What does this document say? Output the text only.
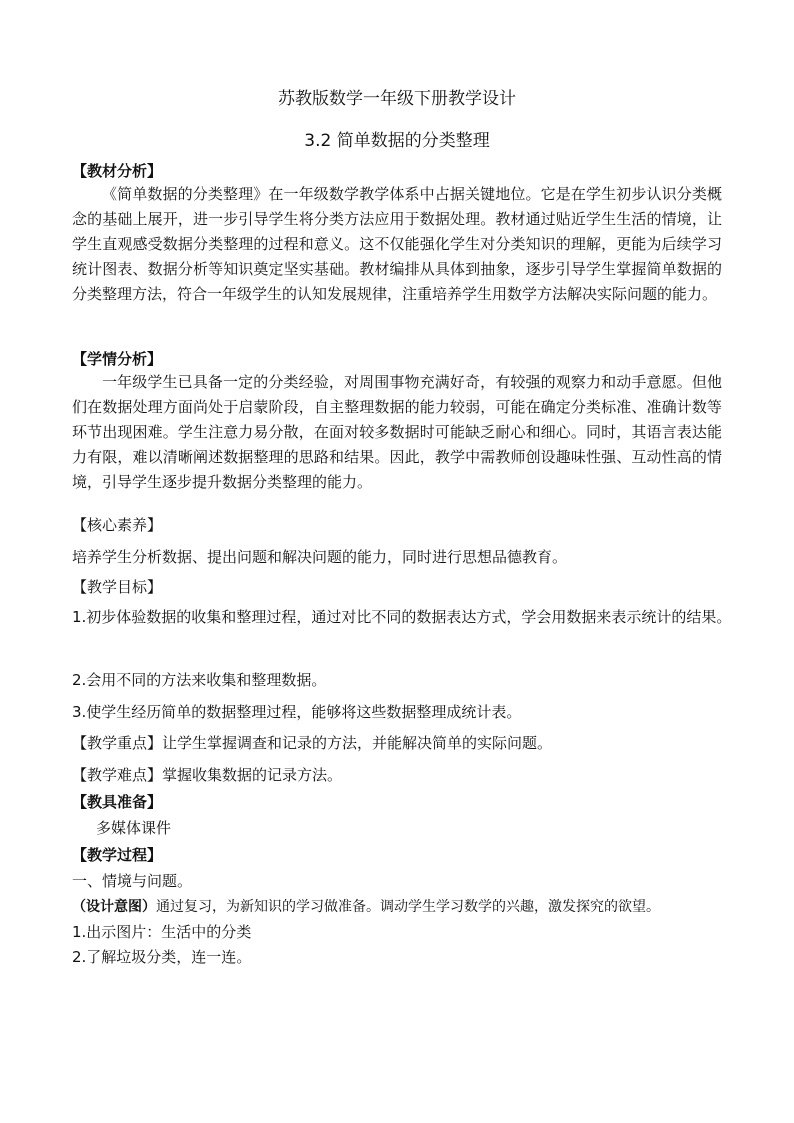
苏教版数学一年级下册教学设计
3.2 简单数据的分类整理
【教材分析】

《简单数据的分类整理》在一年级数学教学体系中占据关键地位。它是在学生初步认识分类概念的基础上展开，进一步引导学生将分类方法应用于数据处理。教材通过贴近学生生活的情境，让学生直观感受数据分类整理的过程和意义。这不仅能强化学生对分类知识的理解，更能为后续学习统计图表、数据分析等知识奠定坚实基础。教材编排从具体到抽象，逐步引导学生掌握简单数据的分类整理方法，符合一年级学生的认知发展规律，注重培养学生用数学方法解决实际问题的能力。

【学情分析】

一年级学生已具备一定的分类经验，对周围事物充满好奇，有较强的观察力和动手意愿。但他们在数据处理方面尚处于启蒙阶段，自主整理数据的能力较弱，可能在确定分类标准、准确计数等环节出现困难。学生注意力易分散，在面对较多数据时可能缺乏耐心和细心。同时，其语言表达能力有限，难以清晰阐述数据整理的思路和结果。因此，教学中需教师创设趣味性强、互动性高的情境，引导学生逐步提升数据分类整理的能力。

【核心素养】
培养学生分析数据、提出问题和解决问题的能力，同时进行思想品德教育。
【教学目标】
1.初步体验数据的收集和整理过程，通过对比不同的数据表达方式，学会用数据来表示统计的结果。
2.会用不同的方法来收集和整理数据。
3.使学生经历简单的数据整理过程，能够将这些数据整理成统计表。
【教学重点】让学生掌握调查和记录的方法，并能解决简单的实际问题。
【教学难点】掌握收集数据的记录方法。
【教具准备】
多媒体课件
【教学过程】
一、情境与问题。
（设计意图）通过复习，为新知识的学习做准备。调动学生学习数学的兴趣，激发探究的欲望。
1.出示图片：生活中的分类
2.了解垃圾分类，连一连。
